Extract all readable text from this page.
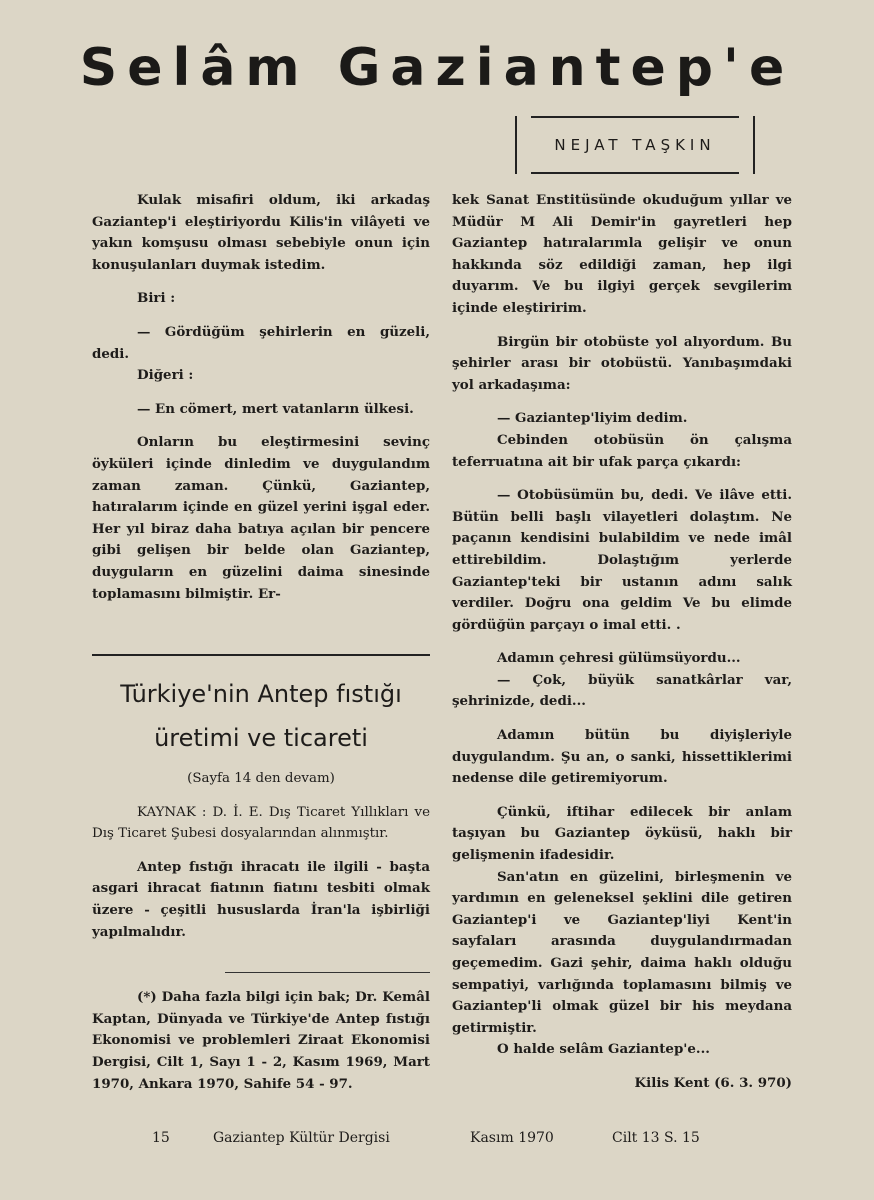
Selâm Gaziantep'e
NEJAT TAŞKIN

Kulak misafiri oldum, iki arkadaş Gaziantep'i eleştiriyordu Kilis'in vilâyeti ve yakın komşusu olması sebebiyle onun için konuşulanları duymak istedim.

Biri :

— Gördüğüm şehirlerin en güzeli, dedi.

Diğeri :

— En cömert, mert vatanların ülkesi.

Onların bu eleştirmesini sevinç öyküleri içinde dinledim ve duygulandım zaman zaman. Çünkü, Gaziantep, hatıralarım içinde en güzel yerini işgal eder. Her yıl biraz daha batıya açılan bir pencere gibi gelişen bir belde olan Gaziantep, duyguların en güzelini daima sinesinde toplamasını bilmiştir. Er-

Türkiye'nin Antep fıstığı üretimi ve ticareti

(Sayfa 14 den devam)

KAYNAK : D. İ. E. Dış Ticaret Yıllıkları ve Dış Ticaret Şubesi dosyalarından alınmıştır.

Antep fıstığı ihracatı ile ilgili - başta asgari ihracat fiatının fiatını tesbiti olmak üzere - çeşitli hususlarda İran'la işbirliği yapılmalıdır.

(*) Daha fazla bilgi için bak; Dr. Kemâl Kaptan, Dünyada ve Türkiye'de Antep fıstığı Ekonomisi ve problemleri Ziraat Ekonomisi Dergisi, Cilt 1, Sayı 1 - 2, Kasım 1969, Mart 1970, Ankara 1970, Sahife 54 - 97.

kek Sanat Enstitüsünde okuduğum yıllar ve Müdür M Ali Demir'in gayretleri hep Gaziantep hatıralarımla gelişir ve onun hakkında söz edildiği zaman, hep ilgi duyarım. Ve bu ilgiyi gerçek sevgilerim içinde eleştiririm.

Birgün bir otobüste yol alıyordum. Bu şehirler arası bir otobüstü. Yanıbaşımdaki yol arkadaşıma:

— Gaziantep'liyim dedim.

Cebinden otobüsün ön çalışma teferruatına ait bir ufak parça çıkardı:

— Otobüsümün bu, dedi. Ve ilâve etti. Bütün belli başlı vilayetleri dolaştım. Ne paçanın kendisini bulabildim ve nede imâl ettirebildim. Dolaştığım yerlerde Gaziantep'teki bir ustanın adını salık verdiler. Doğru ona geldim Ve bu elimde gördüğün parçayı o imal etti. .

Adamın çehresi gülümsüyordu...

— Çok, büyük sanatkârlar var, şehrinizde, dedi...

Adamın bütün bu diyişleriyle duygulandım. Şu an, o sanki, hissettiklerimi nedense dile getiremiyorum.

Çünkü, iftihar edilecek bir anlam taşıyan bu Gaziantep öyküsü, haklı bir gelişmenin ifadesidir.

San'atın en güzelini, birleşmenin ve yardımın en geleneksel şeklini dile getiren Gaziantep'i ve Gaziantep'liyi Kent'in sayfaları arasında duygulandırmadan geçemedim. Gazi şehir, daima haklı olduğu sempatiyi, varlığında toplamasını bilmiş ve Gaziantep'li olmak güzel bir his meydana getirmiştir.

O halde selâm Gaziantep'e...

Kilis Kent (6. 3. 970)

15	Gaziantep Kültür Dergisi	Kasım 1970	Cilt 13 S. 15
